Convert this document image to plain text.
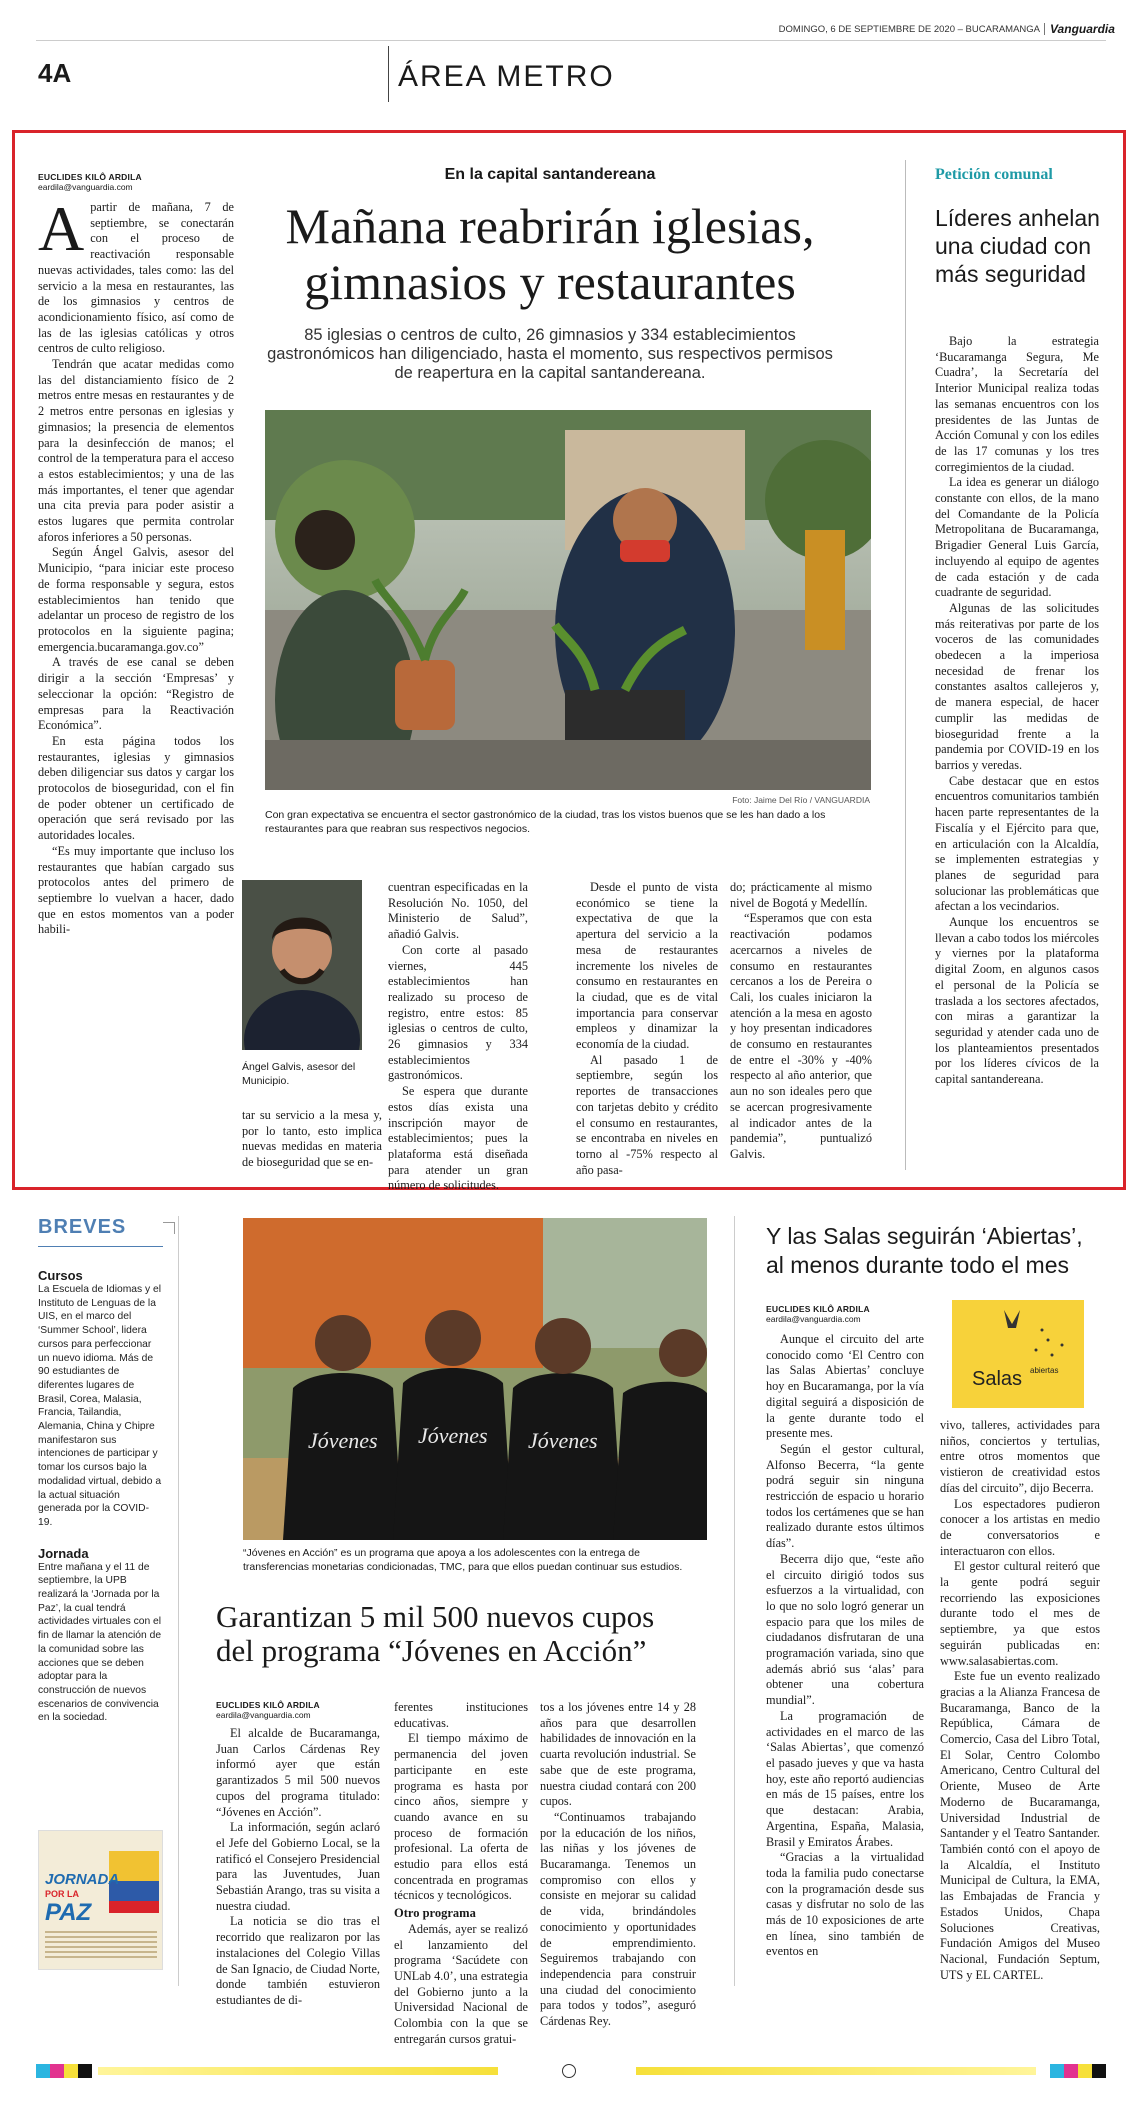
DOMINGO, 6 DE SEPTIEMBRE DE 2020 – BUCARAMANGA Vanguardia
4A	ÁREA METRO
EUCLIDES KILÔ ARDILA
eardila@vanguardia.com
En la capital santandereana
Mañana reabrirán iglesias,
gimnasios y restaurantes
85 iglesias o centros de culto, 26 gimnasios y 334 establecimientos gastronómicos han diligenciado, hasta el momento, sus respectivos permisos de reapertura en la capital santandereana.
Foto: Jaime Del Río / VANGUARDIA
Con gran expectativa se encuentra el sector gastronómico de la ciudad, tras los vistos buenos que se les han dado a los restaurantes para que reabran sus respectivos negocios.
A partir de mañana, 7 de septiembre, se conectarán con el proceso de reactivación responsable nuevas actividades, tales como: las del servicio a la mesa en restaurantes, las de los gimnasios y centros de acondicionamiento físico, así como de las de las iglesias católicas y otros centros de culto religioso.

Tendrán que acatar medidas como las del distanciamiento físico de 2 metros entre mesas en restaurantes y de 2 metros entre personas en iglesias y gimnasios; la presencia de elementos para la desinfección de manos; el control de la temperatura para el acceso a estos establecimientos; y una de las más importantes, el tener que agendar una cita previa para poder asistir a estos lugares que permita controlar aforos inferiores a 50 personas.

Según Ángel Galvis, asesor del Municipio, “para iniciar este proceso de forma responsable y segura, estos establecimientos han tenido que adelantar un proceso de registro de los protocolos en la siguiente pagina; emergencia.bucaramanga.gov.co”

A través de ese canal se deben dirigir a la sección ‘Empresas’ y seleccionar la opción: “Registro de empresas para la Reactivación Económica”.

En esta página todos los restaurantes, iglesias y gimnasios deben diligenciar sus datos y cargar los protocolos de bioseguridad, con el fin de poder obtener un certificado de operación que será revisado por las autoridades locales.

“Es muy importante que incluso los restaurantes que habían cargado sus protocolos antes del primero de septiembre lo vuelvan a hacer, dado que en estos momentos van a poder habili-

Ángel Galvis, asesor del Municipio.

tar su servicio a la mesa y, por lo tanto, esto implica nuevas medidas en materia de bioseguridad que se en-

cuentran especificadas en la Resolución No. 1050, del Ministerio de Salud”, añadió Galvis.

Con corte al pasado viernes, 445 establecimientos han realizado su proceso de registro, entre estos: 85 iglesias o centros de culto, 26 gimnasios y 334 establecimientos gastronómicos.

Se espera que durante estos días exista una inscripción mayor de establecimientos; pues la plataforma está diseñada para atender un gran número de solicitudes.

Desde el punto de vista económico se tiene la expectativa de que la apertura del servicio a la mesa de restaurantes incremente los niveles de consumo en restaurantes en la ciudad, que es de vital importancia para conservar empleos y dinamizar la economía de la ciudad.

Al pasado 1 de septiembre, según los reportes de transacciones con tarjetas debito y crédito el consumo en restaurantes, se encontraba en niveles en torno al -75% respecto al año pasa-

do; prácticamente al mismo nivel de Bogotá y Medellín.

“Esperamos que con esta reactivación podamos acercarnos a niveles de consumo en restaurantes cercanos a los de Pereira o Cali, los cuales iniciaron la atención a la mesa en agosto y hoy presentan indicadores de consumo en restaurantes de entre el -30% y -40% respecto al año anterior, que aun no son ideales pero que se acercan progresivamente al indicador antes de la pandemia”, puntualizó Galvis.

Petición comunal
Líderes anhelan una ciudad con más seguridad

Bajo la estrategia ‘Bucaramanga Segura, Me Cuadra’, la Secretaría del Interior Municipal realiza todas las semanas encuentros con los presidentes de las Juntas de Acción Comunal y con los ediles de las 17 comunas y los tres corregimientos de la ciudad.

La idea es generar un diálogo constante con ellos, de la mano del Comandante de la Policía Metropolitana de Bucaramanga, Brigadier General Luis García, incluyendo al equipo de agentes de cada estación y de cada cuadrante de seguridad.

Algunas de las solicitudes más reiterativas por parte de los voceros de las comunidades obedecen a la imperiosa necesidad de frenar los constantes asaltos callejeros y, de manera especial, de hacer cumplir las medidas de bioseguridad frente a la pandemia por COVID-19 en los barrios y veredas.

Cabe destacar que en estos encuentros comunitarios también hacen parte representantes de la Fiscalía y el Ejército para que, en articulación con la Alcaldía, se implementen estrategias y planes de seguridad para solucionar las problemáticas que afectan a los vecindarios.

Aunque los encuentros se llevan a cabo todos los miércoles y viernes por la plataforma digital Zoom, en algunos casos el personal de la Policía se traslada a los sectores afectados, con miras a garantizar la seguridad y atender cada uno de los planteamientos presentados por los líderes cívicos de la capital santandereana.

BREVES
Cursos
La Escuela de Idiomas y el Instituto de Lenguas de la UIS, en el marco del ‘Summer School’, lidera cursos para perfeccionar un nuevo idioma. Más de 90 estudiantes de diferentes lugares de Brasil, Corea, Malasia, Francia, Tailandia, Alemania, China y Chipre manifestaron sus intenciones de participar y tomar los cursos bajo la modalidad virtual, debido a la actual situación generada por la COVID-19.
Jornada
Entre mañana y el 11 de septiembre, la UPB realizará la ‘Jornada por la Paz’, la cual tendrá actividades virtuales con el fin de llamar la atención de la comunidad sobre las acciones que se deben adoptar para la construcción de nuevos escenarios de convivencia en la sociedad.
JORNADA
POR LA
PAZ
Jóvenes Jóvenes Jóvenes
“Jóvenes en Acción” es un programa que apoya a los adolescentes con la entrega de transferencias monetarias condicionadas, TMC, para que ellos puedan continuar sus estudios.
Garantizan 5 mil 500 nuevos cupos
del programa “Jóvenes en Acción”
EUCLIDES KILÔ ARDILA
eardila@vanguardia.com

El alcalde de Bucaramanga, Juan Carlos Cárdenas Rey informó ayer que están garantizados 5 mil 500 nuevos cupos del programa titulado: “Jóvenes en Acción”.

La información, según aclaró el Jefe del Gobierno Local, se la ratificó el Consejero Presidencial para las Juventudes, Juan Sebastián Arango, tras su visita a nuestra ciudad.

La noticia se dio tras el recorrido que realizaron por las instalaciones del Colegio Villas de San Ignacio, de Ciudad Norte, donde también estuvieron estudiantes de di-

ferentes instituciones educativas.

El tiempo máximo de permanencia del joven participante en este programa es hasta por cinco años, siempre y cuando avance en su proceso de formación profesional. La oferta de estudio para ellos está concentrada en programas técnicos y tecnológicos.

Otro programa

Además, ayer se realizó el lanzamiento del programa ‘Sacúdete con UNLab 4.0’, una estrategia del Gobierno junto a la Universidad Nacional de Colombia con la que se entregarán cursos gratui-

tos a los jóvenes entre 14 y 28 años para que desarrollen habilidades de innovación en la cuarta revolución industrial. Se sabe que de este programa, nuestra ciudad contará con 200 cupos.

“Continuamos trabajando por la educación de los niños, las niñas y los jóvenes de Bucaramanga. Tenemos un compromiso con ellos y consiste en mejorar su calidad de vida, brindándoles conocimiento y oportunidades de emprendimiento. Seguiremos trabajando con independencia para construir una ciudad del conocimiento para todos y todos”, aseguró Cárdenas Rey.

Y las Salas seguirán ‘Abiertas’,
al menos durante todo el mes
EUCLIDES KILÔ ARDILA
eardila@vanguardia.com
Salas abiertas

Aunque el circuito del arte conocido como ‘El Centro con las Salas Abiertas’ concluye hoy en Bucaramanga, por la vía digital seguirá a disposición de la gente durante todo el presente mes.

Según el gestor cultural, Alfonso Becerra, “la gente podrá seguir sin ninguna restricción de espacio u horario todos los certámenes que se han realizado durante estos últimos días”.

Becerra dijo que, “este año el circuito dirigió todos sus esfuerzos a la virtualidad, con lo que no solo logró generar un espacio para que los miles de ciudadanos disfrutaran de una programación variada, sino que además abrió sus ‘alas’ para obtener una cobertura mundial”.

La programación de actividades en el marco de las ‘Salas Abiertas’, que comenzó el pasado jueves y que va hasta hoy, este año reportó audiencias en más de 15 países, entre los que destacan: Arabia, Argentina, España, Malasia, Brasil y Emiratos Árabes.

“Gracias a la virtualidad toda la familia pudo conectarse con la programación desde sus casas y disfrutar no solo de las más de 10 exposiciones de arte en línea, sino también de eventos en

vivo, talleres, actividades para niños, conciertos y tertulias, entre otros momentos que vistieron de creatividad estos días del circuito”, dijo Becerra.

Los espectadores pudieron conocer a los artistas en medio de conversatorios e interactuaron con ellos.

El gestor cultural reiteró que la gente podrá seguir recorriendo las exposiciones durante todo el mes de septiembre, ya que estos seguirán publicadas en: www.salasabiertas.com.

Este fue un evento realizado gracias a la Alianza Francesa de Bucaramanga, Banco de la República, Cámara de Comercio, Casa del Libro Total, El Solar, Centro Colombo Americano, Centro Cultural del Oriente, Museo de Arte Moderno de Bucaramanga, Universidad Industrial de Santander y el Teatro Santander. También contó con el apoyo de la Alcaldía, el Instituto Municipal de Cultura, la EMA, las Embajadas de Francia y Estados Unidos, Chapa Soluciones Creativas, Fundación Amigos del Museo Nacional, Fundación Septum, UTS y EL CARTEL.
